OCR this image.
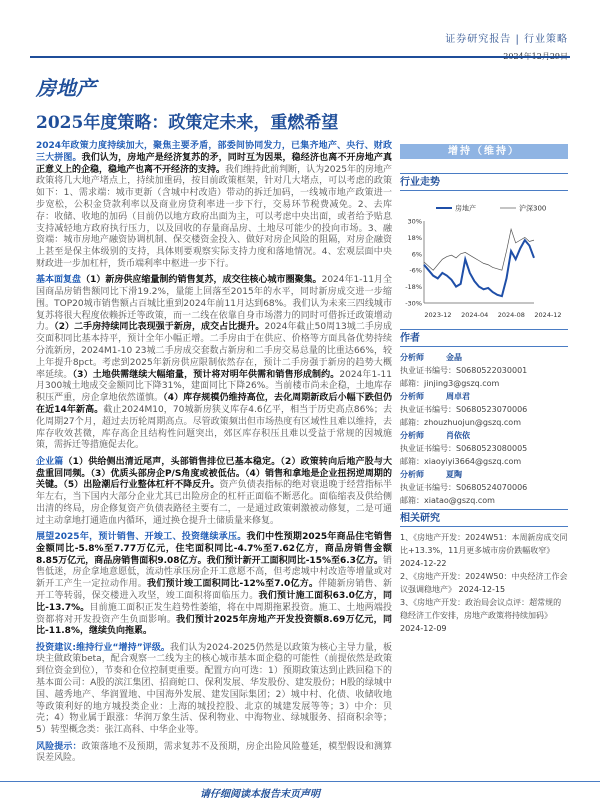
证券研究报告 | 行业策略
房地产
2025年度策略：政策定未来，重燃希望

2024年政策力度持续加大，聚焦主要矛盾，部委间协同发力，已集齐地产、央行、财政三大拼图。我们认为，房地产是经济复苏的矛，同时互为因果，稳经济也离不开房地产真正意义上的企稳，稳地产也离不开经济的支持。我们维持此前判断，认为2025年的房地产政策将几大地产堵点上，持续加重码，按目前政策框架，针对几大堵点，可以考虑的政策如下：1、需求端：城市更新（含城中村改造）带动的拆迁加码，一线城市地产政策进一步宽松，公积金贷款利率以及商业房贷利率进一步下行，交易环节税费减免。2、去库存：收储、收地的加码（目前仍以地方政府出面为主，可以考虑中央出面，或者给予贴息支持减轻地方政府执行压力，以及回收的存量商品房、土地尽可能少的投向市场。3、融资端：城市房地产融资协调机制、保交楼资金投入、做好对房企风险的阻隔，对房企融资上甚至是保主体级别的支持，具体则要观察实际支持力度和落地情况。4、宏观层面中央财政进一步加杠杆，货币端利率中枢进一步下行。

基本面复盘（1）新房供应缩量制约销售复苏，成交往核心城市圈聚集。2024年1-11月全国商品房销售额同比下滑19.2%，量能上回落至2015年的水平，同时新房成交进一步缩围。TOP20城市销售额占百城比重到2024年前11月达到68%。我们认为未来三四线城市复苏将很大程度依赖拆迁等政策，而一二线在依靠自身市场潜力的同时可借拆迁政策增动力。（2）二手房持续同比表现强于新房，成交占比提升。2024年截止50周13城二手房成交面积同比基本持平，预计全年小幅正增。二手房由于在供应、价格等方面具备优势持续分流新房，2024M1-10 23城二手房成交套数占新房和二手房交易总量的比重达66%，较上年提升8pct。考虑到2025年新房供应限制依然存在，预计二手房强于新房的趋势大概率延续。（3）土地供需继续大幅缩量，预计将对明年供需和销售形成制约。2024年1-11月300城土地成交金额同比下降31%，建面同比下降26%。当前楼市尚未企稳，土地库存积压严重，房企拿地依然谨慎。（4）库存规模仍维持高位，去化周期新政后小幅下跌但仍在近14年新高。截止2024M10，70城新房狭义库存4.6亿平，相当于历史高点86%；去化周期27个月，超过去历轮周期高点。尽管政策频出但市场热度有区域性且难以维持，去库存收效甚微，库存高企且结构性问题突出，郊区库存积压且难以受益于常规的因城施策，需拆迁等措施促去化。

企业篇（1）供给侧出清近尾声，头部销售排位已基本稳定。（2）政策转向后地产股与大盘重回同频。（3）优质头部房企P/S角度或被低估。（4）销售和拿地是企业扭拐逆周期的关键。（5）出险潮后行业整体杠杆不降反升。资产负债表指标的绝对衰退晚于经营指标半年左右，当下国内大部分企业尤其已出险房企的杠杆正面临不断恶化。面临缩表及供给侧出清的终局，房企修复资产负债表路径主要有二，一是通过政策刺激被动修复，二是可通过主动拿地打通造血内循环，通过换仓提升土储质量来修复。

展望2025年，预计销售、开竣工、投资继续承压。我们中性预期2025年商品住宅销售金额同比-5.8%至7.77万亿元，住宅面积同比-4.7%至7.62亿方，商品房销售金额8.85万亿元，商品房销售面积9.08亿方。我们预计新开工面积同比-15%至6.3亿方。销售低迷，房企拿地意愿低，流动性承压房企开工意愿不高，但考虑城中村改造等增量或对新开工产生一定拉动作用。我们预计竣工面积同比-12%至7.0亿方。伴随新房销售、新开工等转弱，保交楼进入攻坚，竣工面积将面临压力。我们预计施工面积63.0亿方，同比-13.7%。目前施工面积正发生趋势性萎缩，将在中周期拖累投资。施工、土地两端投资都将对开发投资产生负面影响。我们预计2025年房地产开发投资额8.69万亿元，同比-11.8%，继续负向拖累。

投资建议:维持行业“增持”评级。我们认为2024-2025仍然是以政策为核心主导力量，板块主做政策beta，配合观察一二线为主的核心城市基本面企稳的可能性（前提依然是政策到位资金到位），节奏和仓位控制更重要。配置方向可选：1）预期政策达到止跌回稳下的基本面公司：A股的滨江集团、招商蛇口、保利发展、华发股份、建发股份；H股的绿城中国、越秀地产、华润置地、中国海外发展、建发国际集团；2）城中村、化债、收储收地等政策利好的地方城投类企业：上海的城投控股、北京的城建发展等等；3）中介：贝壳；4）物业属于跟涨：华润万象生活、保利物业、中海物业、绿城服务、招商积余等；5）转型概念类：张江高科、中华企业等。

风险提示：政策落地不及预期，需求复苏不及预期，房企出险风险蔓延，模型假设和测算误差风险。

增持（维持）
行业走势
30%
18%
6%
-6%
-18%
-30%
2023-12 2024-04 2024-08 2024-12
房地产	沪深300
作者
分析师	金晶
执业证书编号：S0680522030001
邮箱：jinjing3@gszq.com
分析师	周卓君
执业证书编号：S0680523070006
邮箱：zhouzhuojun@gszq.com
分析师	肖依依
执业证书编号：S0680523080005
邮箱：xiaoyiyi3664@gszq.com
分析师	夏陶
执业证书编号：S0680524070006
邮箱：xiatao@gszq.com
相关研究
1、《房地产开发：2024W51：本周新房成交同比+13.3%，11月更多城市房价跌幅收窄》 2024-12-22
2、《房地产开发：2024W50：中央经济工作会议强调稳地产》 2024-12-15
3、《房地产开发：政治局会议点评：超常规的稳经济工作安排，房地产政策将持续加码》 2024-12-09
请仔细阅读本报告末页声明
